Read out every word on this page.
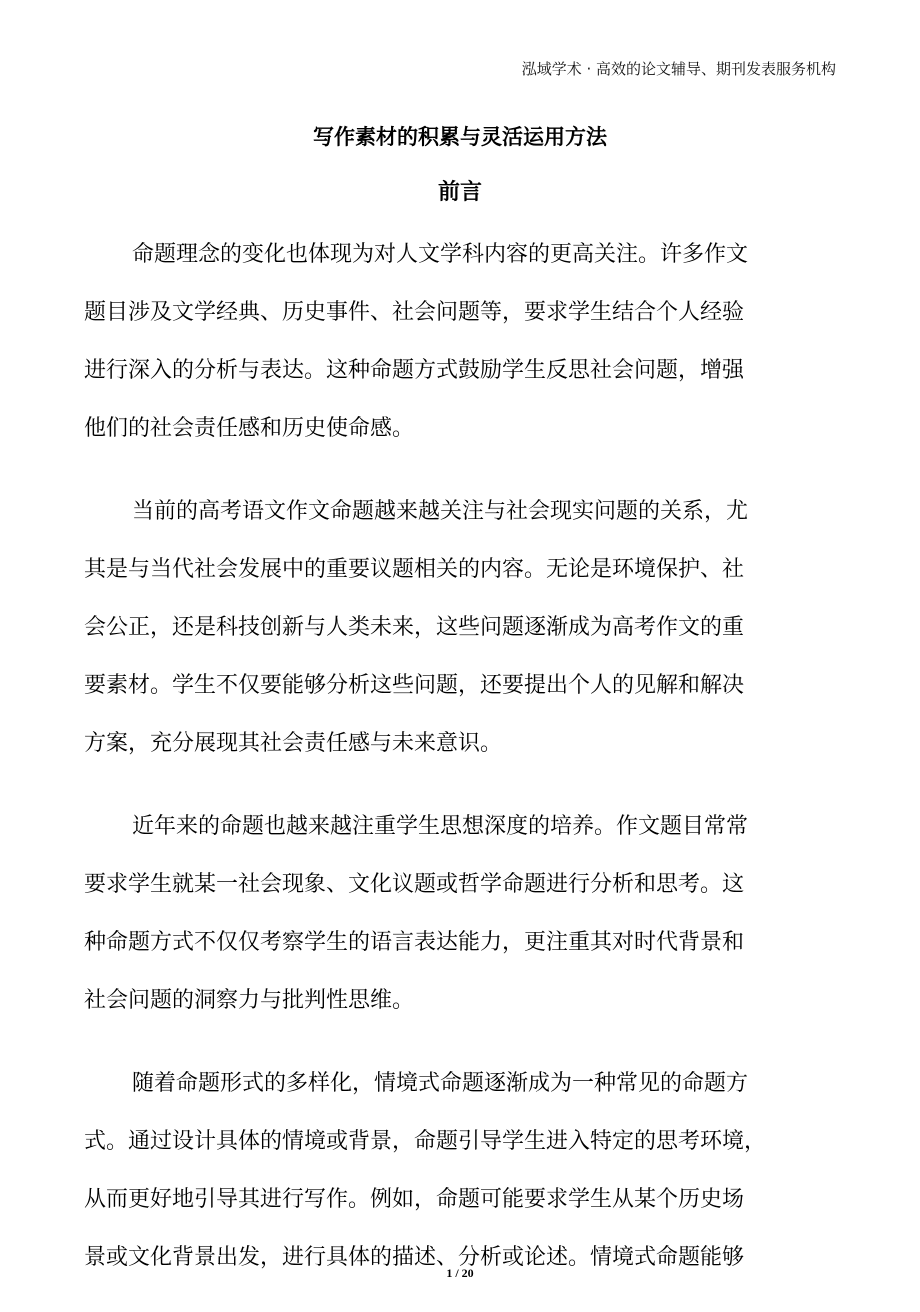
泓域学术 · 高效的论文辅导、期刊发表服务机构
写作素材的积累与灵活运用方法
前言
命题理念的变化也体现为对人文学科内容的更高关注。许多作文
题目涉及文学经典、历史事件、社会问题等，要求学生结合个人经验
进行深入的分析与表达。这种命题方式鼓励学生反思社会问题，增强
他们的社会责任感和历史使命感。
当前的高考语文作文命题越来越关注与社会现实问题的关系，尤
其是与当代社会发展中的重要议题相关的内容。无论是环境保护、社
会公正，还是科技创新与人类未来，这些问题逐渐成为高考作文的重
要素材。学生不仅要能够分析这些问题，还要提出个人的见解和解决
方案，充分展现其社会责任感与未来意识。
近年来的命题也越来越注重学生思想深度的培养。作文题目常常
要求学生就某一社会现象、文化议题或哲学命题进行分析和思考。这
种命题方式不仅仅考察学生的语言表达能力，更注重其对时代背景和
社会问题的洞察力与批判性思维。
随着命题形式的多样化，情境式命题逐渐成为一种常见的命题方
式。通过设计具体的情境或背景，命题引导学生进入特定的思考环境，
从而更好地引导其进行写作。例如，命题可能要求学生从某个历史场
景或文化背景出发，进行具体的描述、分析或论述。情境式命题能够
1 / 20
